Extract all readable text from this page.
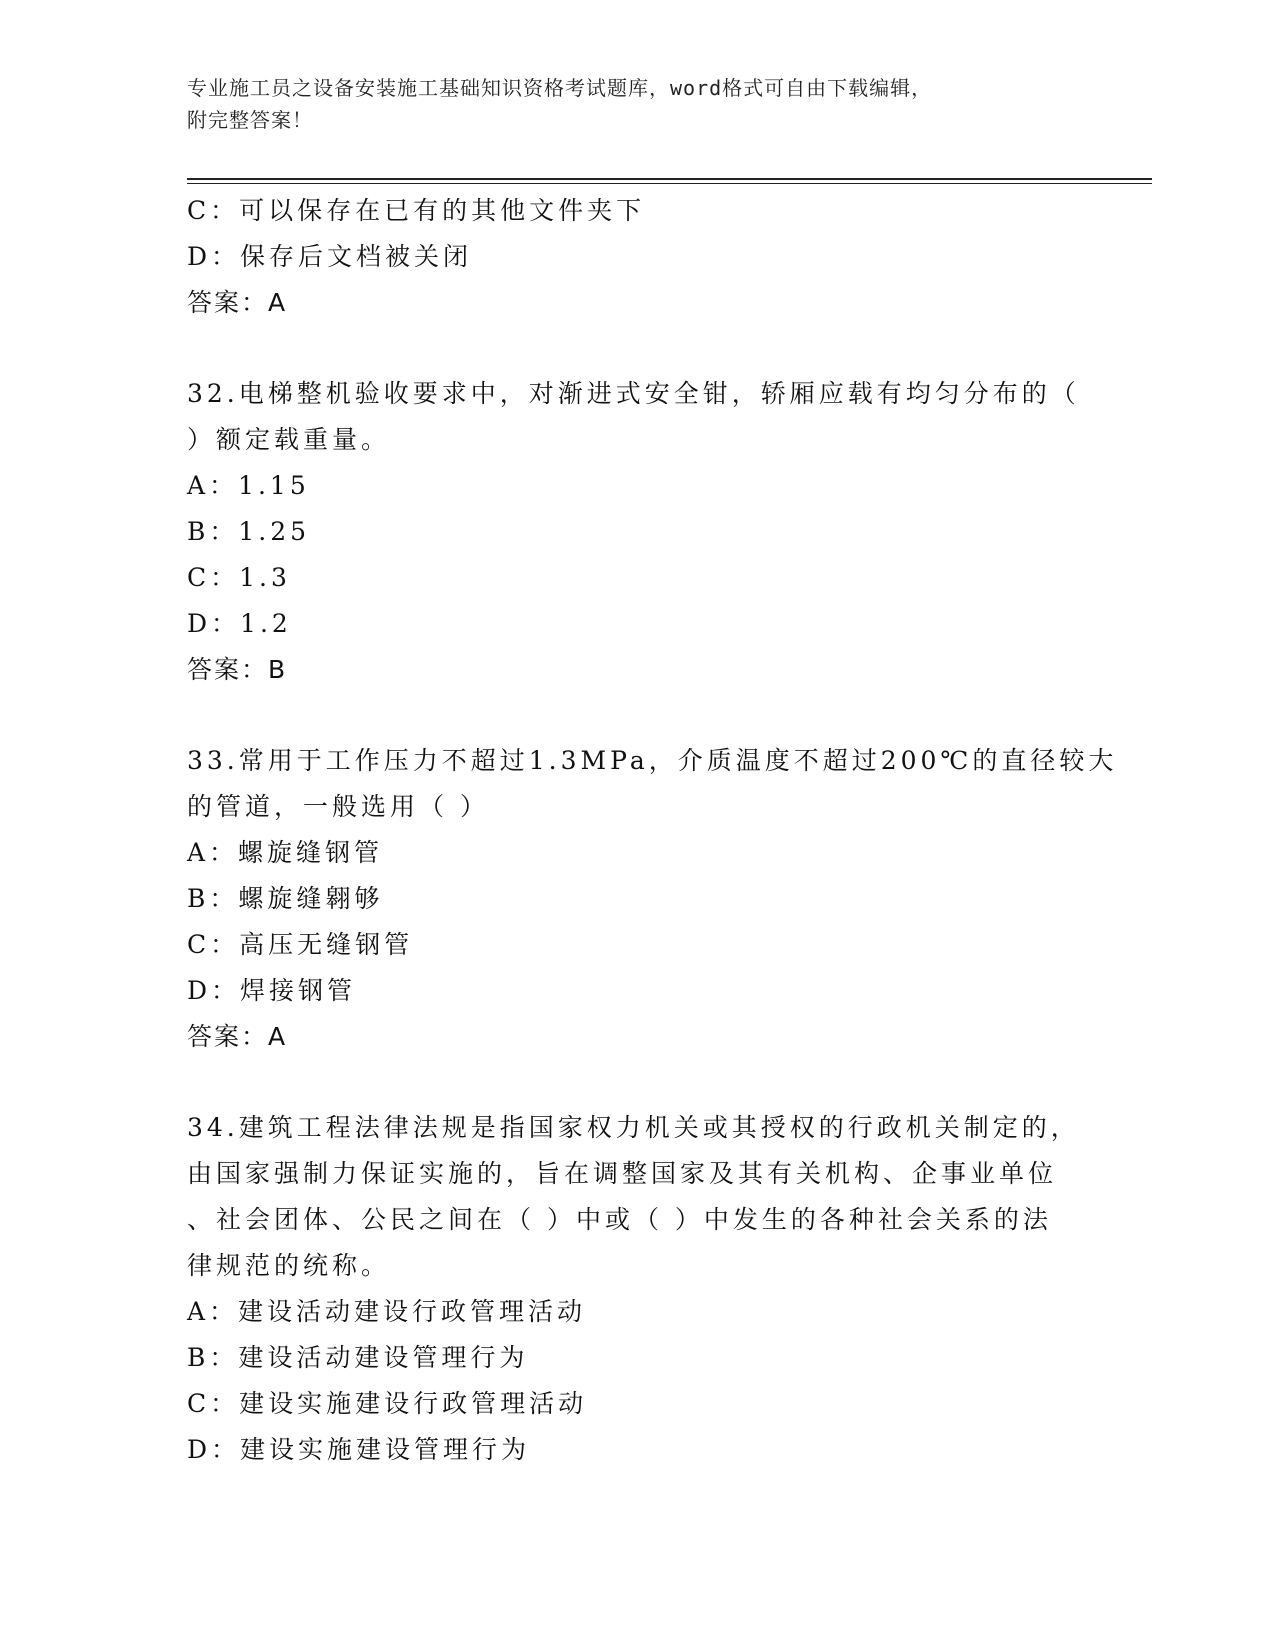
专业施工员之设备安装施工基础知识资格考试题库，word格式可自由下载编辑，
附完整答案！
C：可以保存在已有的其他文件夹下
D：保存后文档被关闭
答案：A
32.电梯整机验收要求中，对渐进式安全钳，轿厢应载有均匀分布的（
）额定载重量。
A：1.15
B：1.25
C：1.3
D：1.2
答案：B
33.常用于工作压力不超过1.3MPa，介质温度不超过200℃的直径较大
的管道，一般选用（ ）
A：螺旋缝钢管
B：螺旋缝翱够
C：高压无缝钢管
D：焊接钢管
答案：A
34.建筑工程法律法规是指国家权力机关或其授权的行政机关制定的，
由国家强制力保证实施的，旨在调整国家及其有关机构、企事业单位
、社会团体、公民之间在（ ）中或（ ）中发生的各种社会关系的法
律规范的统称。
A：建设活动建设行政管理活动
B：建设活动建设管理行为
C：建设实施建设行政管理活动
D：建设实施建设管理行为
